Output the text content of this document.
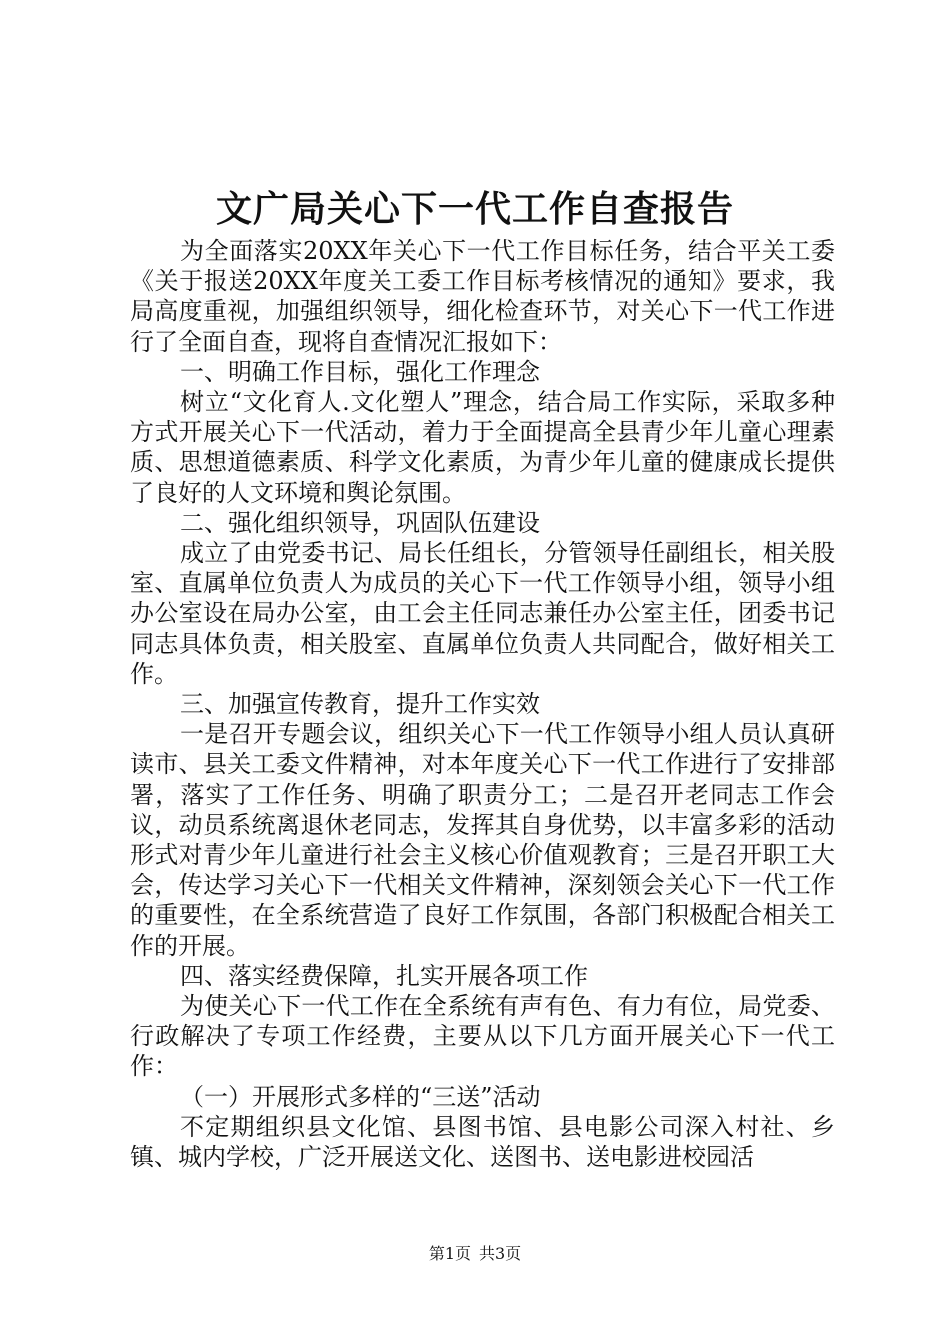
文广局关心下一代工作自查报告

为全面落实20XX年关心下一代工作目标任务，结合平关工委《关于报送20XX年度关工委工作目标考核情况的通知》要求，我局高度重视，加强组织领导，细化检查环节，对关心下一代工作进行了全面自查，现将自查情况汇报如下：

一、明确工作目标，强化工作理念

树立“文化育人.文化塑人”理念，结合局工作实际，采取多种方式开展关心下一代活动，着力于全面提高全县青少年儿童心理素质、思想道德素质、科学文化素质，为青少年儿童的健康成长提供了良好的人文环境和舆论氛围。

二、强化组织领导，巩固队伍建设

成立了由党委书记、局长任组长，分管领导任副组长，相关股室、直属单位负责人为成员的关心下一代工作领导小组，领导小组办公室设在局办公室，由工会主任同志兼任办公室主任，团委书记同志具体负责，相关股室、直属单位负责人共同配合，做好相关工作。

三、加强宣传教育，提升工作实效

一是召开专题会议，组织关心下一代工作领导小组人员认真研读市、县关工委文件精神，对本年度关心下一代工作进行了安排部署，落实了工作任务、明确了职责分工；二是召开老同志工作会议，动员系统离退休老同志，发挥其自身优势，以丰富多彩的活动形式对青少年儿童进行社会主义核心价值观教育；三是召开职工大会，传达学习关心下一代相关文件精神，深刻领会关心下一代工作的重要性，在全系统营造了良好工作氛围，各部门积极配合相关工作的开展。

四、落实经费保障，扎实开展各项工作

为使关心下一代工作在全系统有声有色、有力有位，局党委、行政解决了专项工作经费，主要从以下几方面开展关心下一代工作：

（一）开展形式多样的“三送”活动

不定期组织县文化馆、县图书馆、县电影公司深入村社、乡镇、城内学校，广泛开展送文化、送图书、送电影进校园活

第1页 共3页
